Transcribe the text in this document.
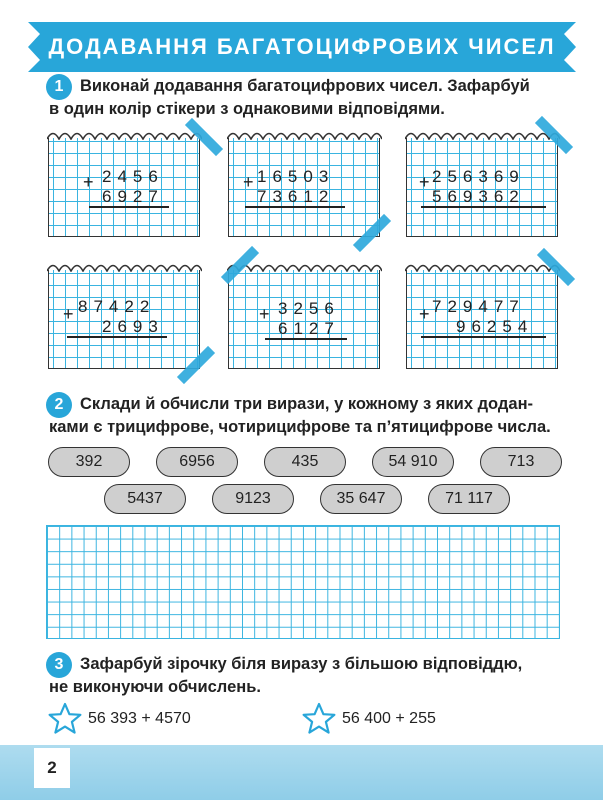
ДОДАВАННЯ БАГАТОЦИФРОВИХ ЧИСЕЛ
1	Виконай додавання багатоцифрових чисел. Зафарбуй
в один колір стікери з однаковими відповідями.
+ 2456
6927
+ 16503
73612
+ 256369
569362
+ 87422
2693
+ 3256
6127
+ 729477
96254
2	Склади й обчисли три вирази, у кожному з яких додан-
ками є трицифрове, чотирицифрове та п’ятицифрове числа.
392	6956	435	54 910	713
5437	9123	35 647	71 117
3	Зафарбуй зірочку біля виразу з більшою відповіддю,
не виконуючи обчислень.
56 393 + 4570	56 400 + 255
2
